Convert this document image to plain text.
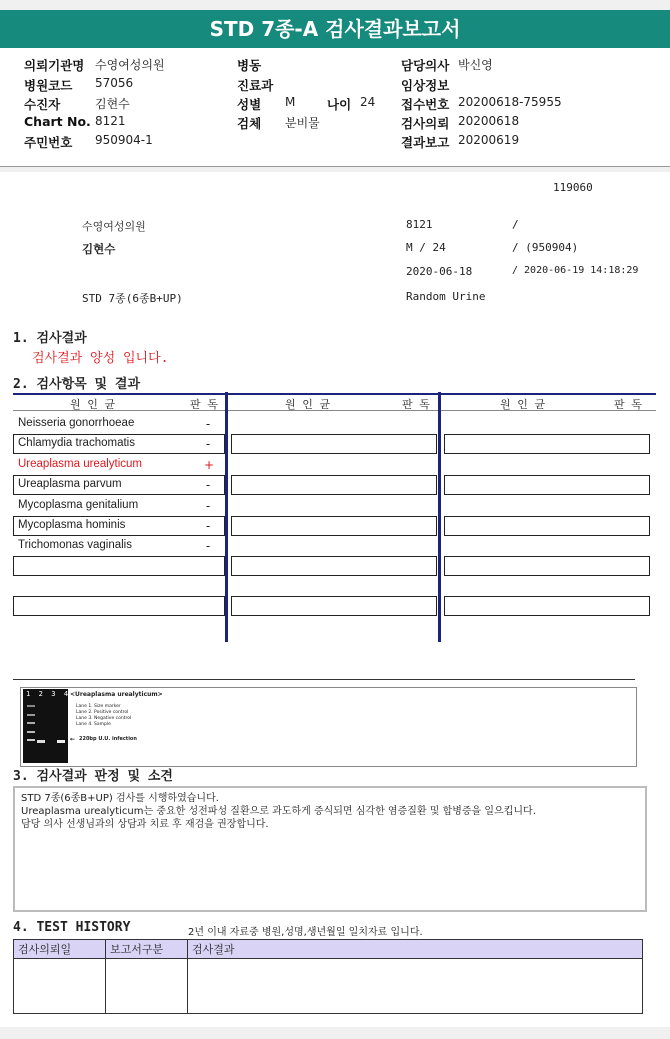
STD 7종-A 검사결과보고서
의뢰기관명 수영여성의원	병동	담당의사 박신영
병원코드 57056	진료과	임상정보
수진자	김현수	성별 M	나이 24 접수번호 20200618-75955
Chart No. 8121	검체 분비물	검사의뢰 20200618
주민번호 950904-1	결과보고 20200619
119060
수영여성의원	8121	/
김현수	M / 24	/ (950904)
2020-06-18	/ 2020-06-19 14:18:29
STD 7종(6종B+UP)	Random Urine
1. 검사결과
검사결과 양성 입니다.
2. 검사항목 및 결과
원 인 균	판 독	원 인 균	판 독	원 인 균	판 독
Neisseria gonorrhoeae	-
Chlamydia trachomatis	-
Ureaplasma urealyticum	+
Ureaplasma parvum	-
Mycoplasma genitalium	-
Mycoplasma hominis	-
Trichomonas vaginalis	-
1  2  3  4 <Ureaplasma urealyticum>
Lane 1. Size marker
Lane 2. Positive control
Lane 3. Negative control
Lane 4. Sample
← 220bp U.U. infection
3. 검사결과 판정 및 소견
STD 7종(6종B+UP) 검사를 시행하였습니다.
Ureaplasma urealyticum는 중요한 성전파성 질환으로 과도하게 증식되면 심각한 염증질환 및 합병증을 일으킵니다.
담당 의사 선생님과의 상담과 치료 후 재검을 권장합니다.
4. TEST HISTORY	2년 이내 자료중 병원,성명,생년월일 일치자료 입니다.
검사의뢰일	보고서구분	검사결과
